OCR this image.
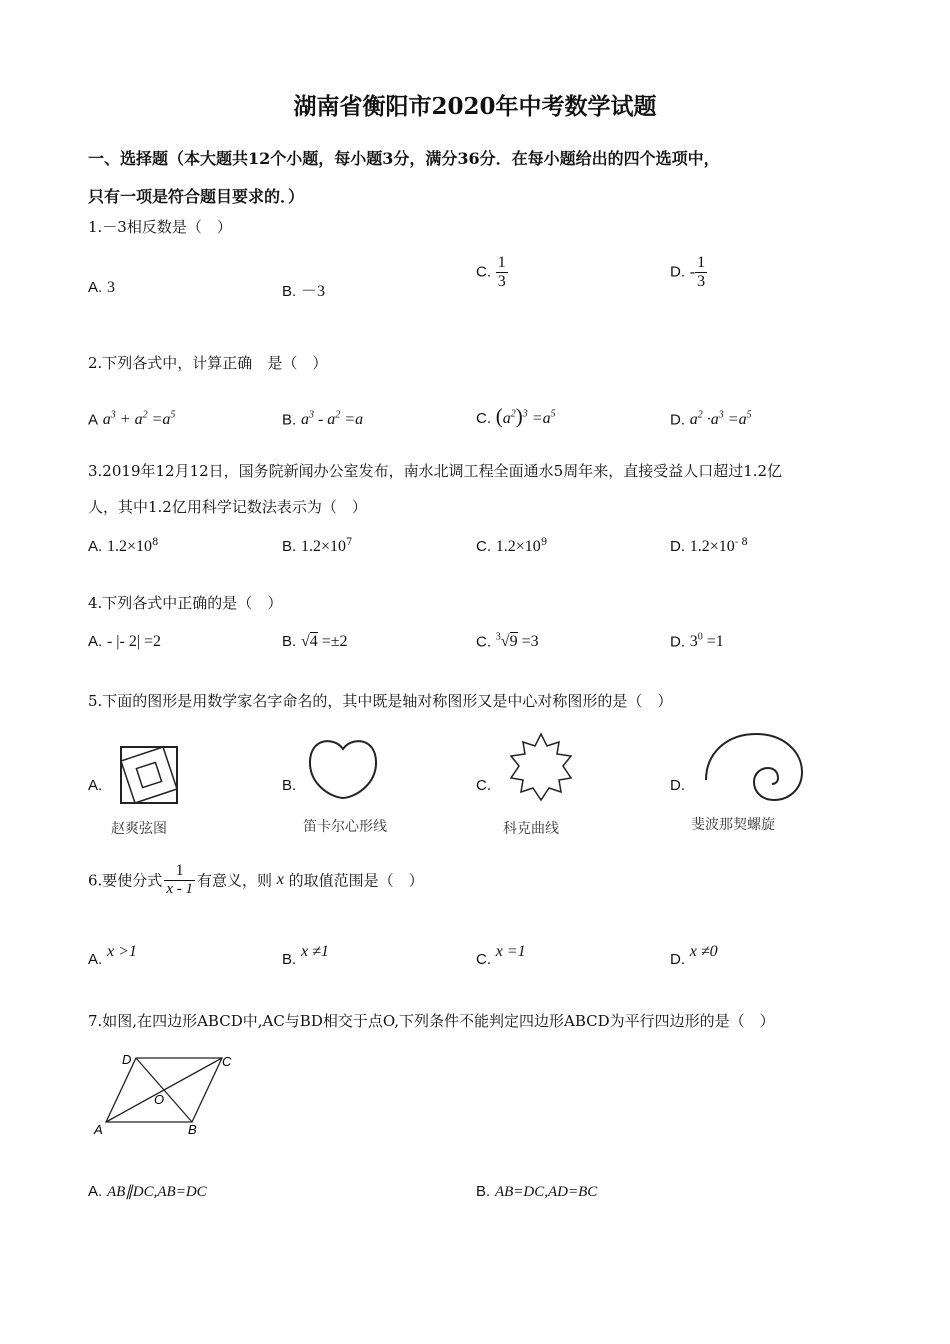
湖南省衡阳市2020年中考数学试题
一、选择题（本大题共12个小题，每小题3分，满分36分．在每小题给出的四个选项中，
只有一项是符合题目要求的．）
1.－3相反数是（　）
A. 3	B. －3
C. $\frac{1}{3}$	D. - $\frac{1}{3}$
2.下列各式中，计算正确　是（　）
A $a^3 + a^2 =a^5$	B. $a^3 - a^2 =a$	C. $(a^2)^3 =a^5$	D. $a^2 \cdot a^3 =a^5$
3.2019年12月12日，国务院新闻办公室发布，南水北调工程全面通水5周年来，直接受益人口超过1.2亿
人，其中1.2亿用科学记数法表示为（　）
A. $1.2\times 10^8$	B. $1.2\times 10^7$	C. $1.2\times 10^9$	D. $1.2\times 10^{- 8}$
4.下列各式中正确的是（　）
A. - |- 2| =2	B. √4 =±2	C. $^3$√9 =3	D. $3^0 =1$
5.下面的图形是用数学家名字命名的，其中既是轴对称图形又是中心对称图形的是（　）
A.
赵爽弦图
B.
笛卡尔心形线
C.
科克曲线
D.
斐波那契螺旋
6.要使分式 $\frac{1}{x - 1}$ 有意义，则 x 的取值范围是（　）
A. x >1	B. x ≠1	C. x =1	D. x ≠0
7.如图,在四边形ABCD中,AC与BD相交于点O,下列条件不能判定四边形ABCD为平行四边形的是（　）
A	B
C
D
O
A. AB∥DC,AB=DC	B. AB=DC,AD=BC
